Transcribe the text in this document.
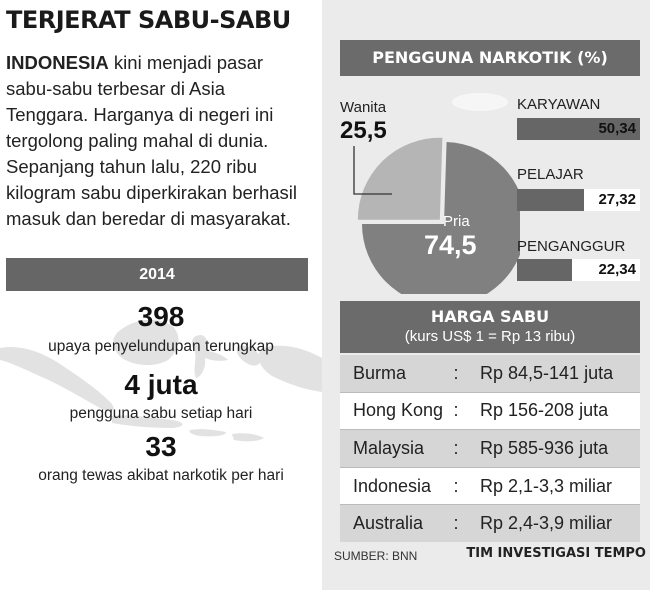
TERJERAT SABU-SABU
INDONESIA kini menjadi pasar sabu-sabu terbesar di Asia Tenggara. Harganya di negeri ini tergolong paling mahal di dunia. Sepanjang tahun lalu, 220 ribu kilogram sabu diperkirakan berhasil masuk dan beredar di masyarakat.
2014
398
upaya penyelundupan terungkap
4 juta
pengguna sabu setiap hari
33
orang tewas akibat narkotik per hari
PENGGUNA NARKOTIK (%)
Wanita
25,5
Pria
74,5
KARYAWAN
50,34
PELAJAR
27,32
PENGANGGUR
22,34
HARGA SABU
(kurs US$ 1 = Rp 13 ribu)
Burma	:	Rp 84,5-141 juta
Hong Kong :	Rp 156-208 juta
Malaysia	:	Rp 585-936 juta
Indonesia	:	Rp 2,1-3,3 miliar
Australia	:	Rp 2,4-3,9 miliar
SUMBER: BNN	TIM INVESTIGASI TEMPO
